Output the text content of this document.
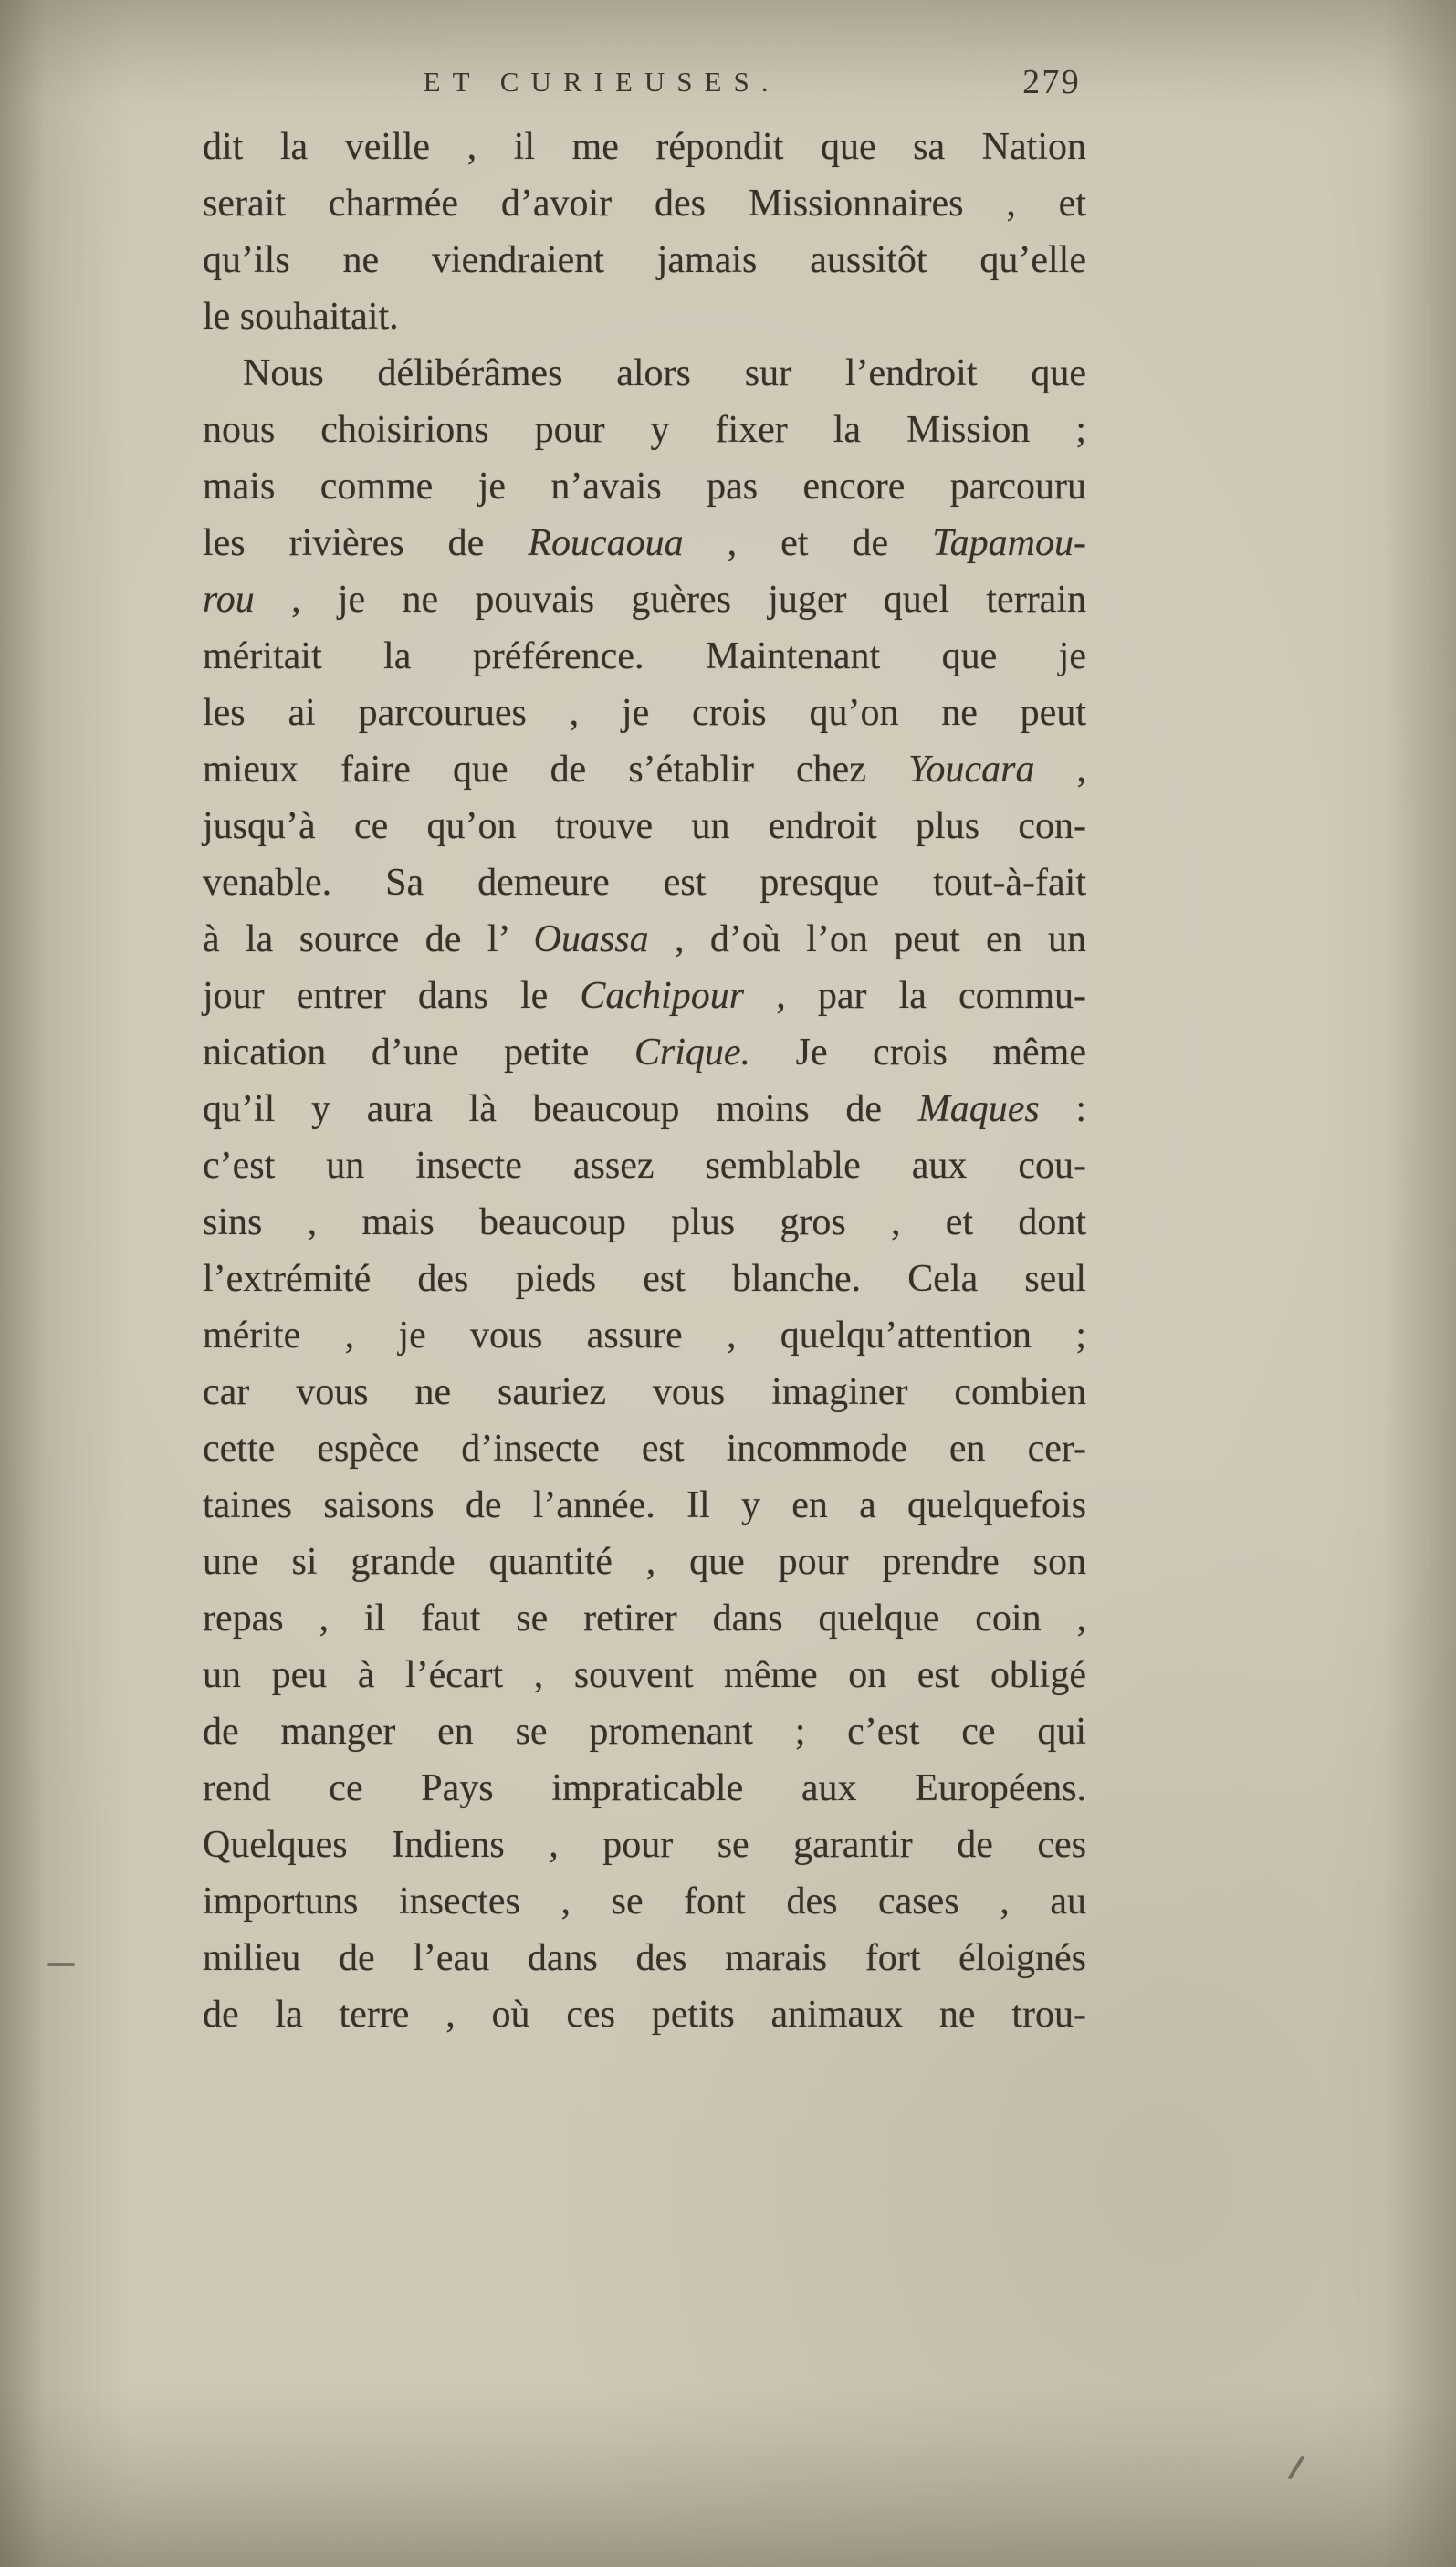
ET CURIEUSES.	279
dit la veille , il me répondit que sa Nation
serait charmée d’avoir des Missionnaires , et
qu’ils ne viendraient jamais aussitôt qu’elle
le souhaitait.
Nous délibérâmes alors sur l’endroit que
nous choisirions pour y fixer la Mission ;
mais comme je n’avais pas encore parcouru
les rivières de Roucaoua , et de Tapamou-
rou , je ne pouvais guères juger quel terrain
méritait la préférence. Maintenant que je
les ai parcourues , je crois qu’on ne peut
mieux faire que de s’établir chez Youcara ,
jusqu’à ce qu’on trouve un endroit plus con-
venable. Sa demeure est presque tout-à-fait
à la source de l’ Ouassa , d’où l’on peut en un
jour entrer dans le Cachipour , par la commu-
nication d’une petite Crique. Je crois même
qu’il y aura là beaucoup moins de Maques :
c’est un insecte assez semblable aux cou-
sins , mais beaucoup plus gros , et dont
l’extrémité des pieds est blanche. Cela seul
mérite , je vous assure , quelqu’attention ;
car vous ne sauriez vous imaginer combien
cette espèce d’insecte est incommode en cer-
taines saisons de l’année. Il y en a quelquefois
une si grande quantité , que pour prendre son
repas , il faut se retirer dans quelque coin ,
un peu à l’écart , souvent même on est obligé
de manger en se promenant ; c’est ce qui
rend ce Pays impraticable aux Européens.
Quelques Indiens , pour se garantir de ces
importuns insectes , se font des cases , au
milieu de l’eau dans des marais fort éloignés
de la terre , où ces petits animaux ne trou-
